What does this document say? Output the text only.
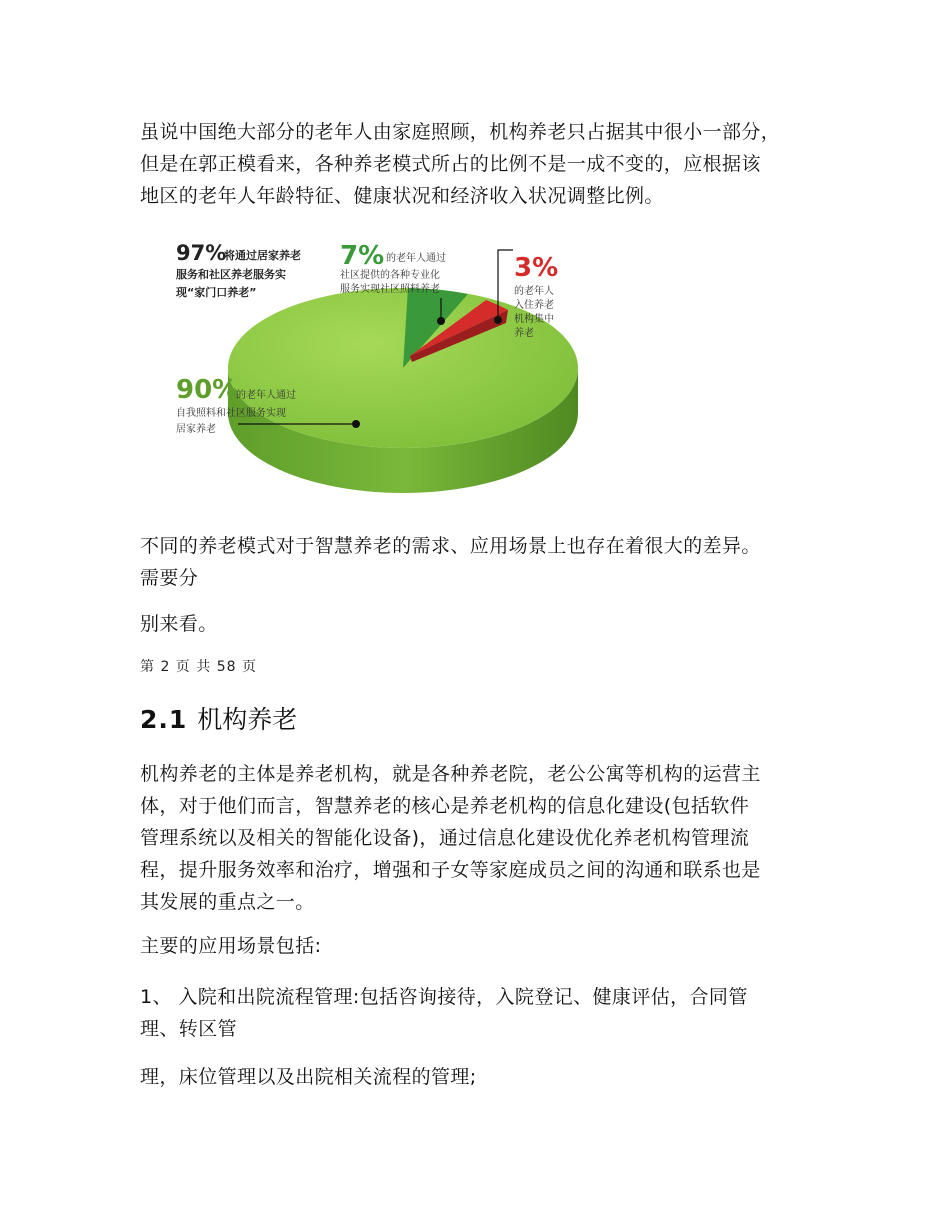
虽说中国绝大部分的老年人由家庭照顾，机构养老只占据其中很小一部分，
但是在郭正模看来，各种养老模式所占的比例不是一成不变的，应根据该
地区的老年人年龄特征、健康状况和经济收入状况调整比例。
97%
将通过居家养老
服务和社区养老服务实
现“家门口养老”
7% 的老年人通过
社区提供的各种专业化
服务实现社区照料养老
3%
的老年人
入住养老
机构集中
养老
90%
的老年人通过
自我照料和社区服务实现
居家养老
不同的养老模式对于智慧养老的需求、应用场景上也存在着很大的差异。
需要分
别来看。
第 2 页 共 58 页
2.1 机构养老
机构养老的主体是养老机构，就是各种养老院，老公公寓等机构的运营主
体，对于他们而言，智慧养老的核心是养老机构的信息化建设(包括软件
管理系统以及相关的智能化设备)，通过信息化建设优化养老机构管理流
程，提升服务效率和治疗，增强和子女等家庭成员之间的沟通和联系也是
其发展的重点之一。
主要的应用场景包括:
1、 入院和出院流程管理:包括咨询接待，入院登记、健康评估，合同管
理、转区管
理，床位管理以及出院相关流程的管理;
